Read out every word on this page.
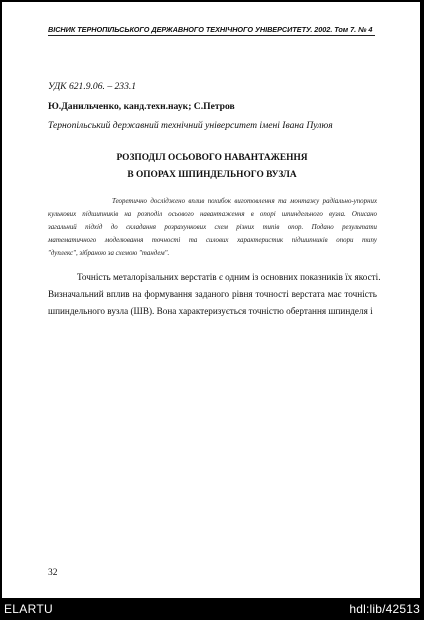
ВІСНИК ТЕРНОПІЛЬСЬКОГО ДЕРЖАВНОГО ТЕХНІЧНОГО УНІВЕРСИТЕТУ. 2002. Том 7. № 4
УДК 621.9.06. – 233.1
Ю.Данильченко, канд.техн.наук; С.Петров
Тернопільський державний технічний університет імені Івана Пулюя
РОЗПОДІЛ ОСЬОВОГО НАВАНТАЖЕННЯ
В ОПОРАХ ШПИНДЕЛЬНОГО ВУЗЛА
Теоретично досліджено вплив похибок виготовлення та монтажу радіально-упорних
кулькових підшипників на розподіл осьового навантаження в опорі шпиндельного вузла. Описано
загальний підхід до складання розрахункових схем різних типів опор. Подано результати
математичного моделювання точності та силових характеристик підшипників опори типу
"дуплекс", зібраною за схемою "тандем".
Точність металорізальних верстатів є одним із основних показників їх якості.
Визначальний вплив на формування заданого рівня точності верстата має точність
шпиндельного вузла (ШВ). Вона характеризується точністю обертання шпинделя і
32
ELARTU	hdl:lib/42513
